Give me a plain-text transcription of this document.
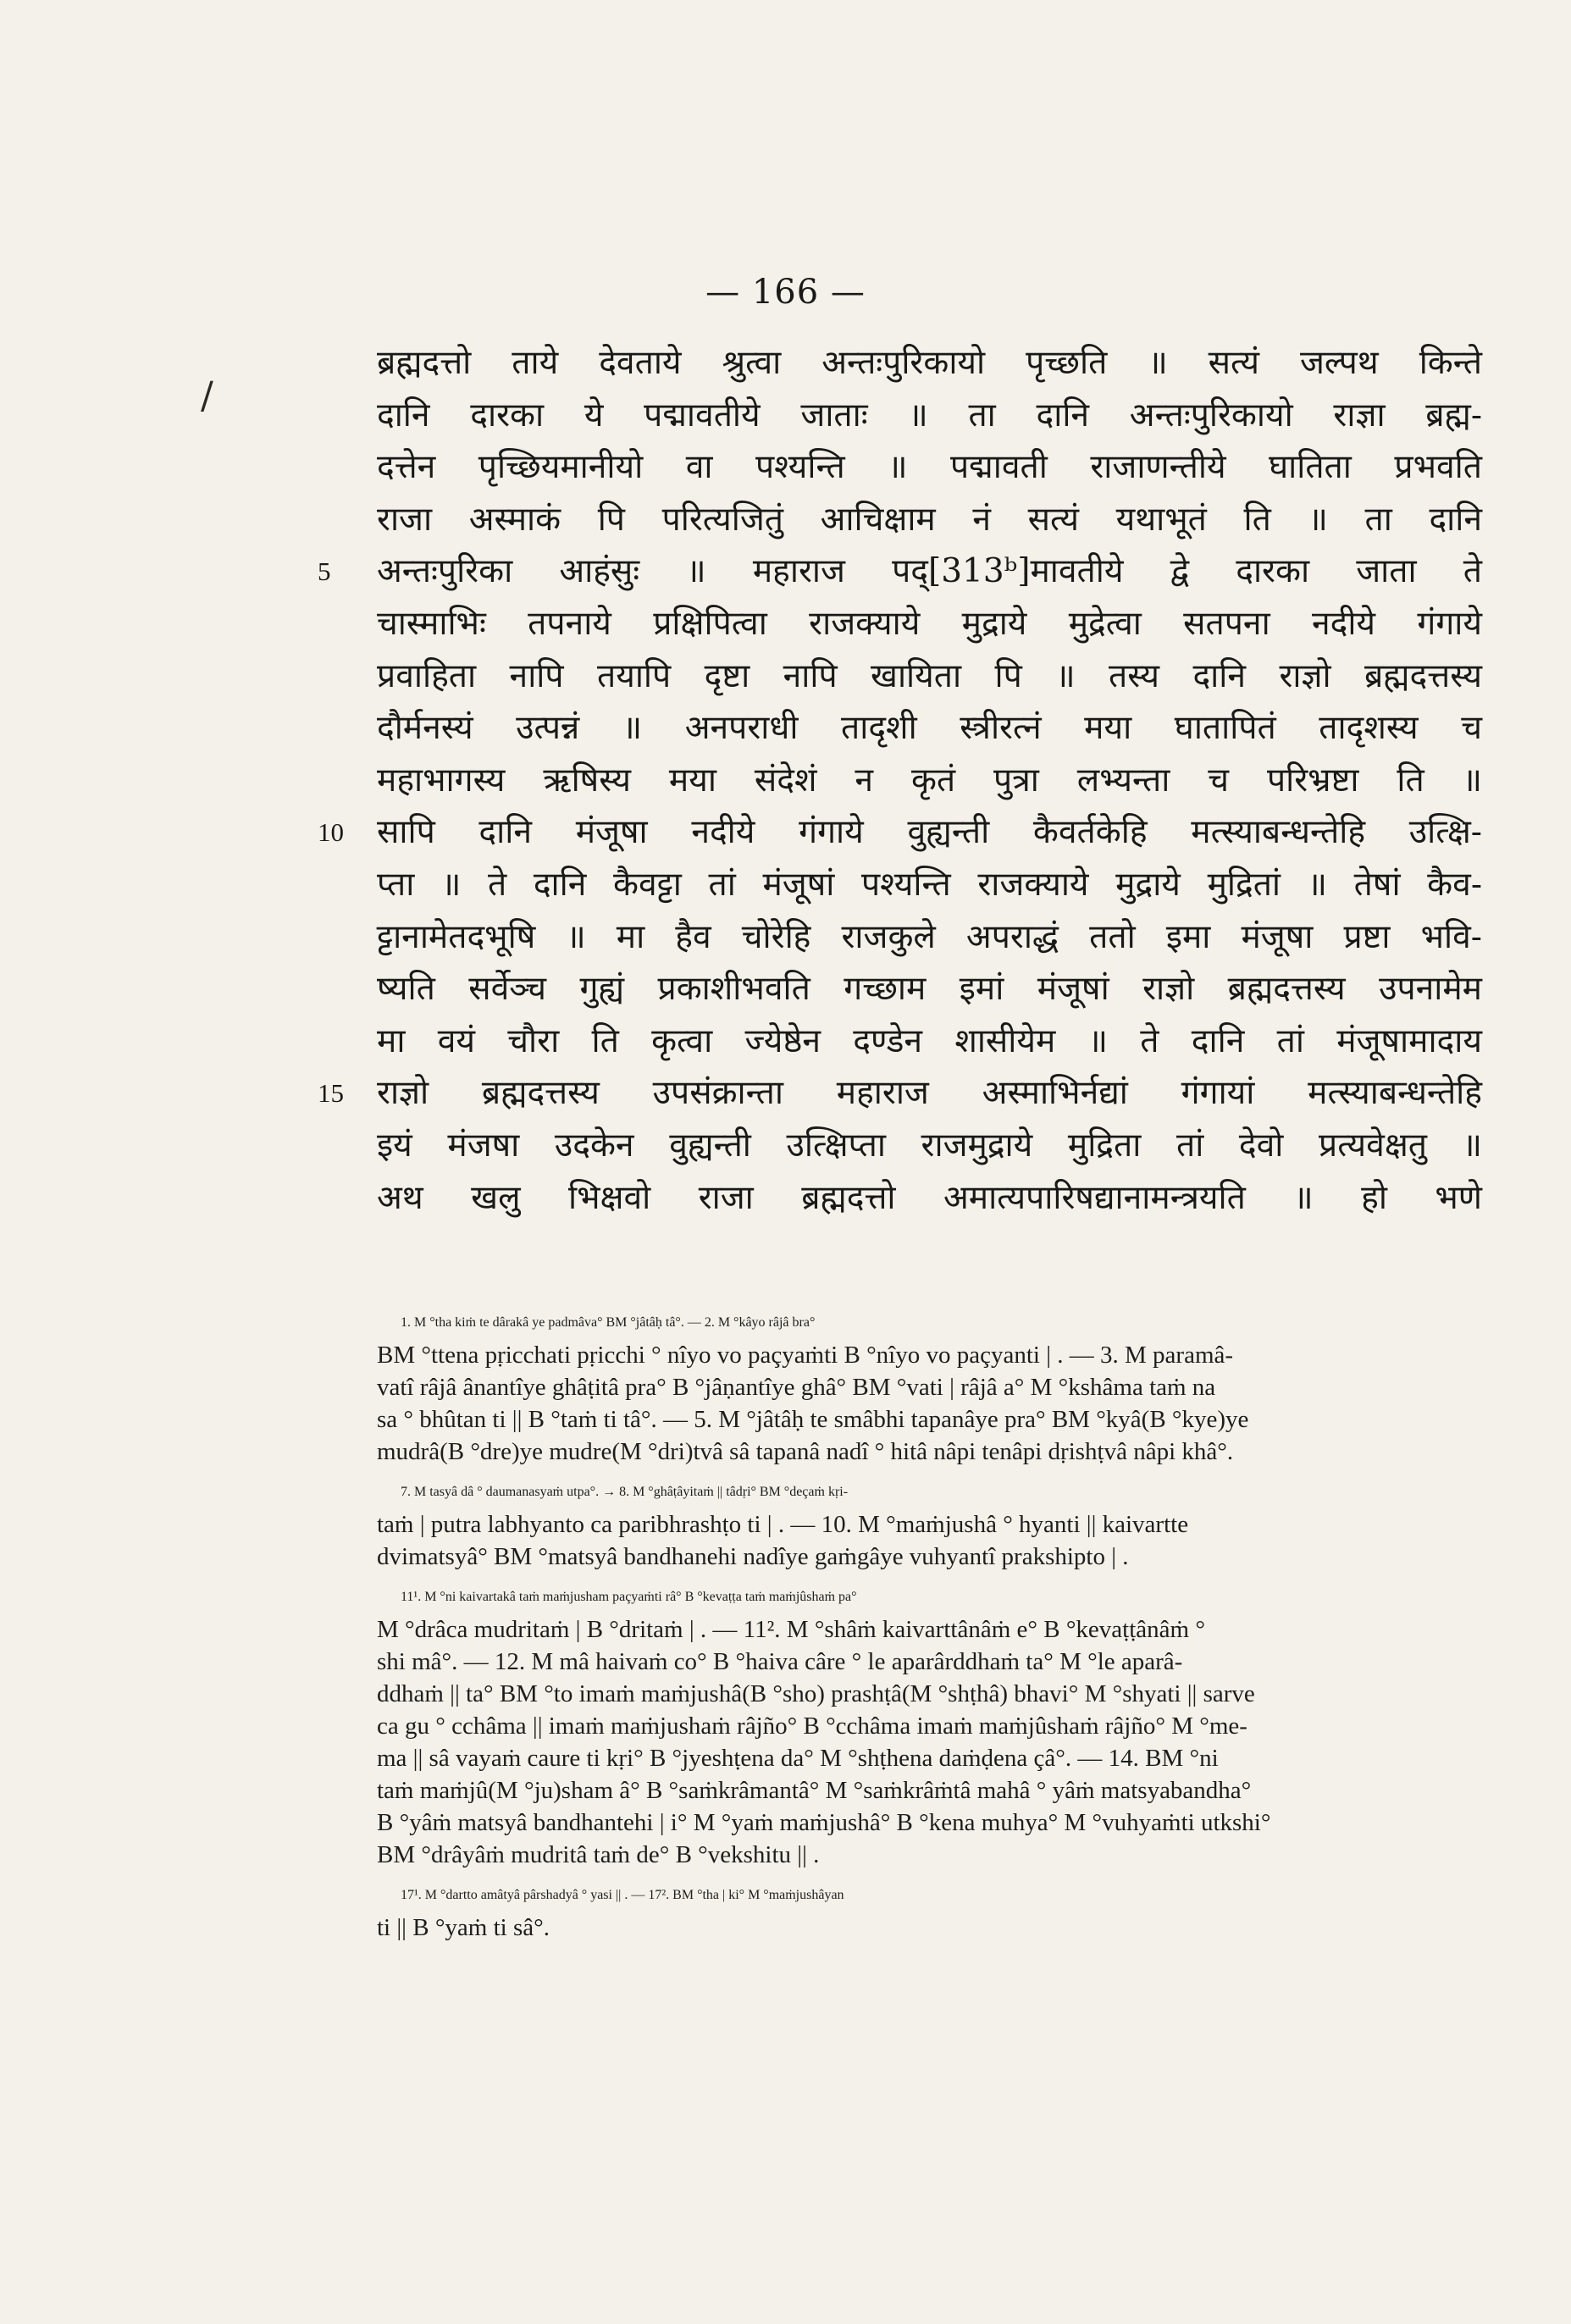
— 166 —
/
ब्रह्मदत्तो ताये देवताये श्रुत्वा अन्तःपुरिकायो पृच्छति ॥ सत्यं जल्पथ किन्ते
दानि दारका ये पद्मावतीये जाताः ॥ ता दानि अन्तःपुरिकायो राज्ञा ब्रह्म-
दत्तेन पृच्छियमानीयो वा पश्यन्ति ॥ पद्मावती राजाणन्तीये घातिता प्रभवति
राजा अस्माकं पि परित्यजितुं आचिक्षाम नं सत्यं यथाभूतं ति ॥ ता दानि
5 अन्तःपुरिका आहंसुः ॥ महाराज पद्[313ᵇ]मावतीये द्वे दारका जाता ते
चास्माभिः तपनाये प्रक्षिपित्वा राजक्याये मुद्राये मुद्रेत्वा सतपना नदीये गंगाये
प्रवाहिता नापि तयापि दृष्टा नापि खायिता पि ॥ तस्य दानि राज्ञो ब्रह्मदत्तस्य
दौर्मनस्यं उत्पन्नं ॥ अनपराधी तादृशी स्त्रीरत्नं मया घातापितं तादृशस्य च
महाभागस्य ऋषिस्य मया संदेशं न कृतं पुत्रा लभ्यन्ता च परिभ्रष्टा ति ॥
10 सापि दानि मंजूषा नदीये गंगाये वुह्यन्ती कैवर्तकेहि मत्स्याबन्धन्तेहि उत्क्षि-
प्ता ॥ ते दानि कैवट्टा तां मंजूषां पश्यन्ति राजक्याये मुद्राये मुद्रितां ॥ तेषां कैव-
ट्टानामेतदभूषि ॥ मा हैव चोरेहि राजकुले अपराद्धं ततो इमा मंजूषा प्रष्टा भवि-
ष्यति सर्वेञ्च गुह्यं प्रकाशीभवति गच्छाम इमां मंजूषां राज्ञो ब्रह्मदत्तस्य उपनामेम
मा वयं चौरा ति कृत्वा ज्येष्ठेन दण्डेन शासीयेम ॥ ते दानि तां मंजूषामादाय
15 राज्ञो ब्रह्मदत्तस्य उपसंक्रान्ता महाराज अस्माभिर्नद्यां गंगायां मत्स्याबन्धन्तेहि
इयं मंजषा उदकेन वुह्यन्ती उत्क्षिप्ता राजमुद्राये मुद्रिता तां देवो प्रत्यवेक्षतु ॥
अथ खलु भिक्षवो राजा ब्रह्मदत्तो अमात्यपारिषद्यानामन्त्रयति ॥ हो भणे
1. M °tha kiṁ te dârakâ ye padmâva° BM °jâtâḥ tâ°. — 2. M °kâyo râjâ bra°
BM °ttena pṛicchati pṛicchi ° nîyo vo paçyaṁti B °nîyo vo paçyanti | . — 3. M paramâ-
vatî râjâ ânantîye ghâṭitâ pra° B °jâṇantîye ghâ° BM °vati | râjâ a° M °kshâma taṁ na
sa ° bhûtan ti || B °taṁ ti tâ°. — 5. M °jâtâḥ te smâbhi tapanâye pra° BM °kyâ(B °kye)ye
mudrâ(B °dre)ye mudre(M °dri)tvâ sâ tapanâ nadî ° hitâ nâpi tenâpi dṛishṭvâ nâpi khâ°.
7. M tasyâ dâ ° daumanasyaṁ utpa°. → 8. M °ghâṭâyitaṁ || tâdṛi° BM °deçaṁ kṛi-
taṁ | putra labhyanto ca paribhrashṭo ti | . — 10. M °maṁjushâ ° hyanti || kaivartte
dvimatsyâ° BM °matsyâ bandhanehi nadîye gaṁgâye vuhyantî prakshipto | .
11¹. M °ni kaivartakâ taṁ maṁjusham paçyaṁti râ° B °kevaṭṭa taṁ maṁjûshaṁ pa°
M °drâca mudritaṁ | B °dritaṁ | . — 11². M °shâṁ kaivarttânâṁ e° B °kevaṭṭânâṁ °
shi mâ°. — 12. M mâ haivaṁ co° B °haiva câre ° le aparârddhaṁ ta° M °le aparâ-
ddhaṁ || ta° BM °to imaṁ maṁjushâ(B °sho) prashṭâ(M °shṭhâ) bhavi° M °shyati || sarve
ca gu ° cchâma || imaṁ maṁjushaṁ râjño° B °cchâma imaṁ maṁjûshaṁ râjño° M °me-
ma || sâ vayaṁ caure ti kṛi° B °jyeshṭena da° M °shṭhena daṁḍena çâ°. — 14. BM °ni
taṁ maṁjû(M °ju)sham â° B °saṁkrâmantâ° M °saṁkrâṁtâ mahâ ° yâṁ matsyabandha°
B °yâṁ matsyâ bandhantehi | i° M °yaṁ maṁjushâ° B °kena muhya° M °vuhyaṁti utkshi°
BM °drâyâṁ mudritâ taṁ de° B °vekshitu || .
17¹. M °dartto amâtyâ pârshadyâ ° yasi || . — 17². BM °tha | ki° M °maṁjushâyan
ti || B °yaṁ ti sâ°.
